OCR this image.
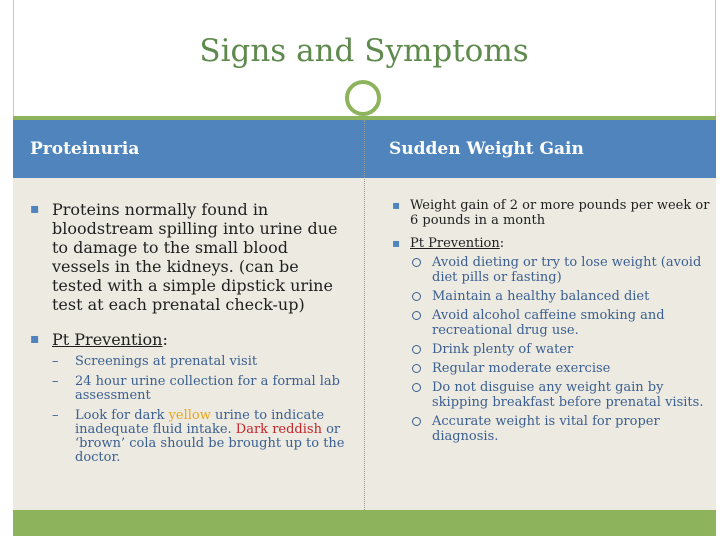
Signs and Symptoms
Proteinuria	Sudden Weight Gain
▪ Proteins normally found in bloodstream spilling into urine due to damage to the small blood vessels in the kidneys. (can be tested with a simple dipstick urine test at each prenatal check-up)
▪ Pt Prevention:
– Screenings at prenatal visit
– 24 hour urine collection for a formal lab assessment
– Look for dark yellow urine to indicate inadequate fluid intake. Dark reddish or ‘brown’ cola should be brought up to the doctor.
▪ Weight gain of 2 or more pounds per week or 6 pounds in a month
▪ Pt Prevention:
Avoid dieting or try to lose weight (avoid diet pills or fasting)
Maintain a healthy balanced diet
Avoid alcohol caffeine smoking and recreational drug use.
Drink plenty of water
Regular moderate exercise
Do not disguise any weight gain by skipping breakfast before prenatal visits.
Accurate weight is vital for proper diagnosis.
